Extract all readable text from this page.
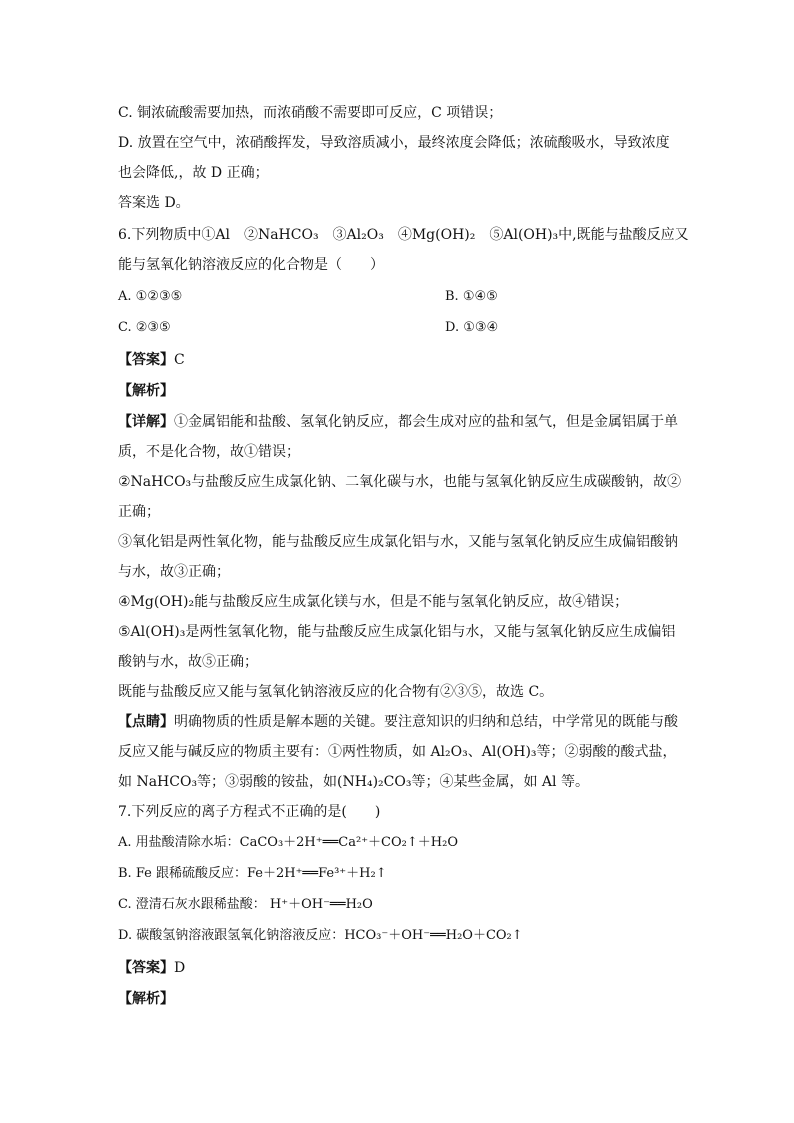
C. 铜浓硫酸需要加热，而浓硝酸不需要即可反应，C 项错误；
D. 放置在空气中，浓硝酸挥发，导致溶质减小，最终浓度会降低；浓硫酸吸水，导致浓度
也会降低,，故 D 正确；
答案选 D。
6.下列物质中①Al　②NaHCO₃　③Al₂O₃　④Mg(OH)₂　⑤Al(OH)₃中,既能与盐酸反应又
能与氢氧化钠溶液反应的化合物是（　　）
A. ①②③⑤	B. ①④⑤
C. ②③⑤	D. ①③④
【答案】C
【解析】
【详解】①金属铝能和盐酸、氢氧化钠反应，都会生成对应的盐和氢气，但是金属铝属于单
质，不是化合物，故①错误；
②NaHCO₃与盐酸反应生成氯化钠、二氧化碳与水，也能与氢氧化钠反应生成碳酸钠，故②
正确；
③氧化铝是两性氧化物，能与盐酸反应生成氯化铝与水，又能与氢氧化钠反应生成偏铝酸钠
与水，故③正确；
④Mg(OH)₂能与盐酸反应生成氯化镁与水，但是不能与氢氧化钠反应，故④错误；
⑤Al(OH)₃是两性氢氧化物，能与盐酸反应生成氯化铝与水，又能与氢氧化钠反应生成偏铝
酸钠与水，故⑤正确；
既能与盐酸反应又能与氢氧化钠溶液反应的化合物有②③⑤，故选 C。
【点睛】明确物质的性质是解本题的关键。要注意知识的归纳和总结，中学常见的既能与酸
反应又能与碱反应的物质主要有：①两性物质，如 Al₂O₃、Al(OH)₃等；②弱酸的酸式盐，
如 NaHCO₃等；③弱酸的铵盐，如(NH₄)₂CO₃等；④某些金属，如 Al 等。
7.下列反应的离子方程式不正确的是(　　)
A. 用盐酸清除水垢：CaCO₃＋2H⁺══Ca²⁺＋CO₂↑＋H₂O
B. Fe 跟稀硫酸反应：Fe＋2H⁺══Fe³⁺＋H₂↑
C. 澄清石灰水跟稀盐酸： H⁺＋OH⁻══H₂O
D. 碳酸氢钠溶液跟氢氧化钠溶液反应：HCO₃⁻＋OH⁻══H₂O＋CO₂↑
【答案】D
【解析】
